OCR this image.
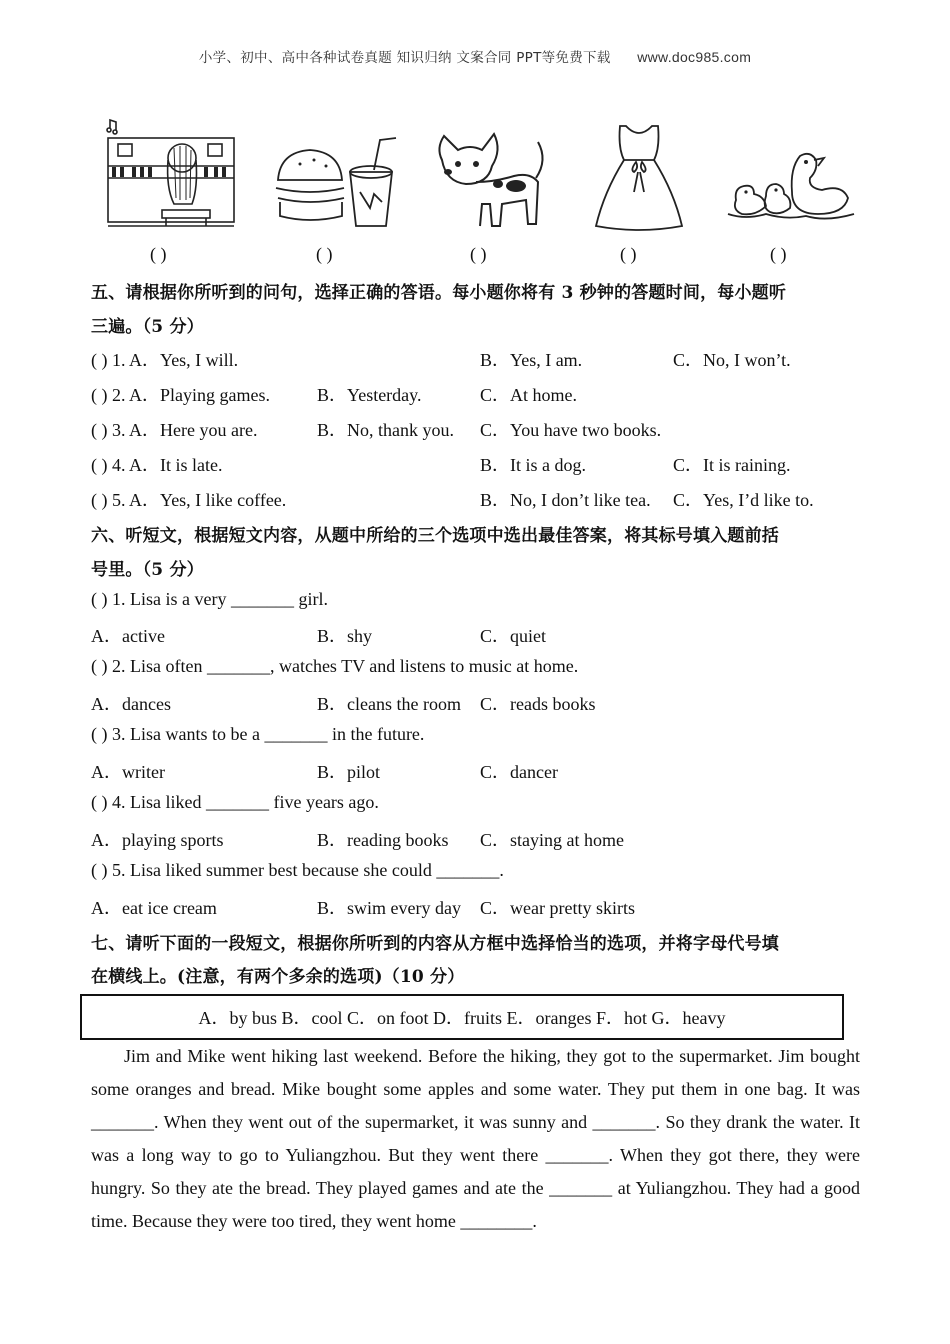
小学、初中、高中各种试卷真题 知识归纳 文案合同 PPT等免费下载 www.doc985.com
( )	( )	( )	( )	( )
五、请根据你所听到的问句，选择正确的答语。每小题你将有 3 秒钟的答题时间，每小题听
三遍。（5 分）
( ) 1. A．Yes, I will.	B．Yes, I am.	C．No, I won’t.
( ) 2. A．Playing games.	B．Yesterday.	C．At home.
( ) 3. A．Here you are.	B．No, thank you. C．You have two books.
( ) 4. A．It is late.	B．It is a dog.	C．It is raining.
( ) 5. A．Yes, I like coffee.	B．No, I don’t like tea. C．Yes, I’d like to.
六、听短文，根据短文内容，从题中所给的三个选项中选出最佳答案，将其标号填入题前括
号里。（5 分）
( ) 1. Lisa is a very _______ girl.
A．active	B．shy	C．quiet
( ) 2. Lisa often _______, watches TV and listens to music at home.
A．dances	B．cleans the room C．reads books
( ) 3. Lisa wants to be a _______ in the future.
A．writer	B．pilot	C．dancer
( ) 4. Lisa liked _______ five years ago.
A．playing sports	B．reading books C．staying at home
( ) 5. Lisa liked summer best because she could _______.
A．eat ice cream	B．swim every day C．wear pretty skirts
七、请听下面的一段短文，根据你所听到的内容从方框中选择恰当的选项，并将字母代号填
在横线上。(注意，有两个多余的选项)（10 分）
A．by bus B．cool C．on foot D．fruits E．oranges F．hot G．heavy
Jim and Mike went hiking last weekend. Before the hiking, they got to the supermarket. Jim bought some oranges and bread. Mike bought some apples and some water. They put them in one bag. It was _______. When they went out of the supermarket, it was sunny and _______. So they drank the water. It was a long way to go to Yuliangzhou. But they went there _______. When they got there, they were hungry. So they ate the bread. They played games and ate the _______ at Yuliangzhou. They had a good time. Because they were too tired, they went home ________.
